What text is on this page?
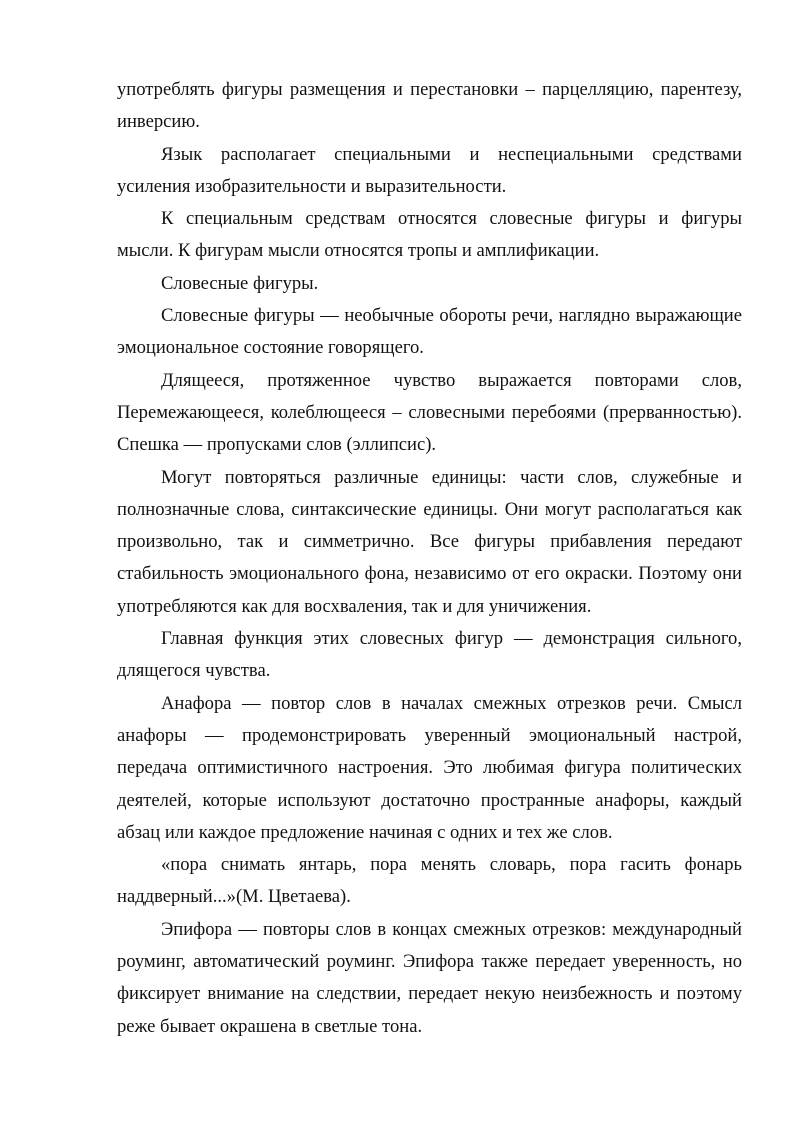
употреблять фигуры размещения и перестановки – парцелляцию, парентезу, инверсию.

Язык располагает специальными и неспециальными средствами усиления изобразительности и выразительности.

К специальным средствам относятся словесные фигуры и фигуры мысли. К фигурам мысли относятся тропы и амплификации.

Словесные фигуры.

Словесные фигуры — необычные обороты речи, наглядно выражающие эмоциональное состояние говорящего.

Длящееся, протяженное чувство выражается повторами слов, Перемежающееся, колеблющееся – словесными перебоями (прерванностью). Спешка — пропусками слов (эллипсис).

Могут повторяться различные единицы: части слов, служебные и полнозначные слова, синтаксические единицы. Они могут располагаться как произвольно, так и симметрично. Все фигуры прибавления передают стабильность эмоционального фона, независимо от его окраски. Поэтому они употребляются как для восхваления, так и для уничижения.

Главная функция этих словесных фигур — демонстрация сильного, длящегося чувства.

Анафора — повтор слов в началах смежных отрезков речи. Смысл анафоры — продемонстрировать уверенный эмоциональный настрой, передача оптимистичного настроения. Это любимая фигура политических деятелей, которые используют достаточно пространные анафоры, каждый абзац или каждое предложение начиная с одних и тех же слов.

«пора снимать янтарь, пора менять словарь, пора гасить фонарь наддверный...»(М. Цветаева).

Эпифора — повторы слов в концах смежных отрезков: международный роуминг, автоматический роуминг. Эпифора также передает уверенность, но фиксирует внимание на следствии, передает некую неизбежность и поэтому реже бывает окрашена в светлые тона.
